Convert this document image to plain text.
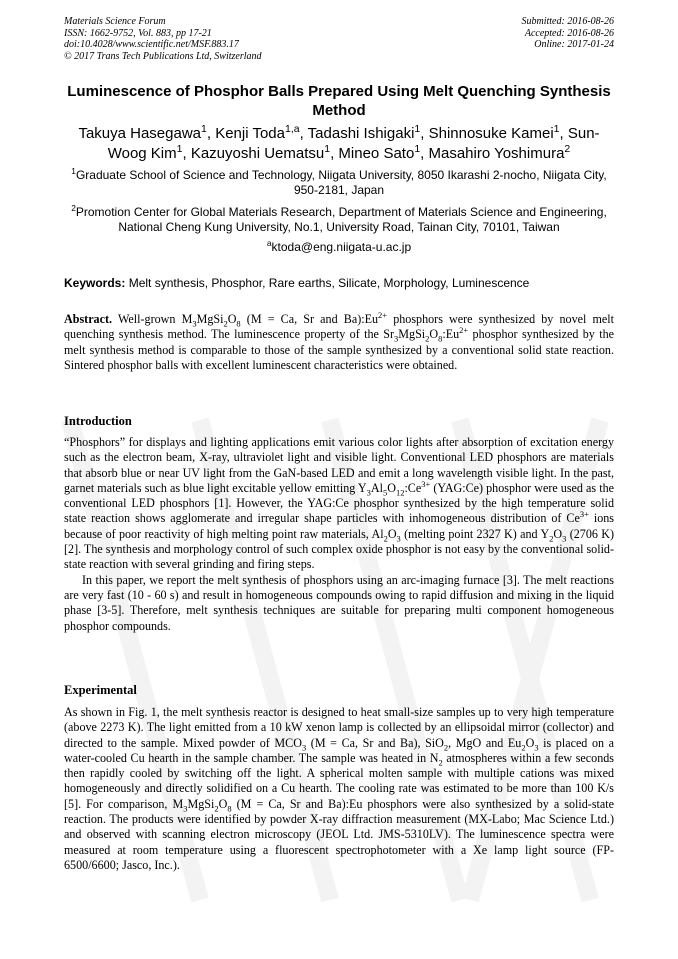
Materials Science Forum
ISSN: 1662-9752, Vol. 883, pp 17-21
doi:10.4028/www.scientific.net/MSF.883.17
© 2017 Trans Tech Publications Ltd, Switzerland
Submitted: 2016-08-26
Accepted: 2016-08-26
Online: 2017-01-24
Luminescence of Phosphor Balls Prepared Using Melt Quenching Synthesis Method
Takuya Hasegawa$^1$, Kenji Toda$^{1,a}$, Tadashi Ishigaki$^1$, Shinnosuke Kamei$^1$, Sun-Woog Kim$^1$, Kazuyoshi Uematsu$^1$, Mineo Sato$^1$, Masahiro Yoshimura$^2$
$^1$Graduate School of Science and Technology, Niigata University, 8050 Ikarashi 2-nocho, Niigata City, 950-2181, Japan
$^2$Promotion Center for Global Materials Research, Department of Materials Science and Engineering, National Cheng Kung University, No.1, University Road, Tainan City, 70101, Taiwan
$^a$ktoda@eng.niigata-u.ac.jp
Keywords: Melt synthesis, Phosphor, Rare earths, Silicate, Morphology, Luminescence
Abstract. Well-grown $M_3MgSi_2O_8$ (M = Ca, Sr and $Ba):Eu^{2+}$ phosphors were synthesized by novel melt quenching synthesis method. The luminescence property of the $Sr_3MgSi_2O_8:Eu^{2+}$ phosphor synthesized by the melt synthesis method is comparable to those of the sample synthesized by a conventional solid state reaction. Sintered phosphor balls with excellent luminescent characteristics were obtained.
Introduction

“Phosphors” for displays and lighting applications emit various color lights after absorption of excitation energy such as the electron beam, X-ray, ultraviolet light and visible light. Conventional LED phosphors are materials that absorb blue or near UV light from the GaN-based LED and emit a long wavelength visible light. In the past, garnet materials such as blue light excitable yellow emitting $Y_3Al_5O_{12}:Ce^{3+}$ (YAG:Ce) phosphor were used as the conventional LED phosphors [1]. However, the YAG:Ce phosphor synthesized by the high temperature solid state reaction shows agglomerate and irregular shape particles with inhomogeneous distribution of $Ce^{3+}$ ions because of poor reactivity of high melting point raw materials, $Al_2O_3$ (melting point 2327 K) and $Y_2O_3$ (2706 K) [2]. The synthesis and morphology control of such complex oxide phosphor is not easy by the conventional solid-state reaction with several grinding and firing steps.

In this paper, we report the melt synthesis of phosphors using an arc-imaging furnace [3]. The melt reactions are very fast (10 - 60 s) and result in homogeneous compounds owing to rapid diffusion and mixing in the liquid phase [3-5]. Therefore, melt synthesis techniques are suitable for preparing multi component homogeneous phosphor compounds.

Experimental

As shown in Fig. 1, the melt synthesis reactor is designed to heat small-size samples up to very high temperature (above 2273 K). The light emitted from a 10 kW xenon lamp is collected by an ellipsoidal mirror (collector) and directed to the sample. Mixed powder of $MCO_3$ (M = Ca, Sr and Ba), SiO$_2$, MgO and $Eu_2O_3$ is placed on a water-cooled Cu hearth in the sample chamber. The sample was heated in $N_2$ atmospheres within a few seconds then rapidly cooled by switching off the light. A spherical molten sample with multiple cations was mixed homogeneously and directly solidified on a Cu hearth. The cooling rate was estimated to be more than 100 K/s [5]. For comparison, $M_3MgSi_2O_8$ (M = Ca, Sr and Ba):Eu phosphors were also synthesized by a solid-state reaction. The products were identified by powder X-ray diffraction measurement (MX-Labo; Mac Science Ltd.) and observed with scanning electron microscopy (JEOL Ltd. JMS-5310LV). The luminescence spectra were measured at room temperature using a fluorescent spectrophotometer with a Xe lamp light source (FP-6500/6600; Jasco, Inc.).
